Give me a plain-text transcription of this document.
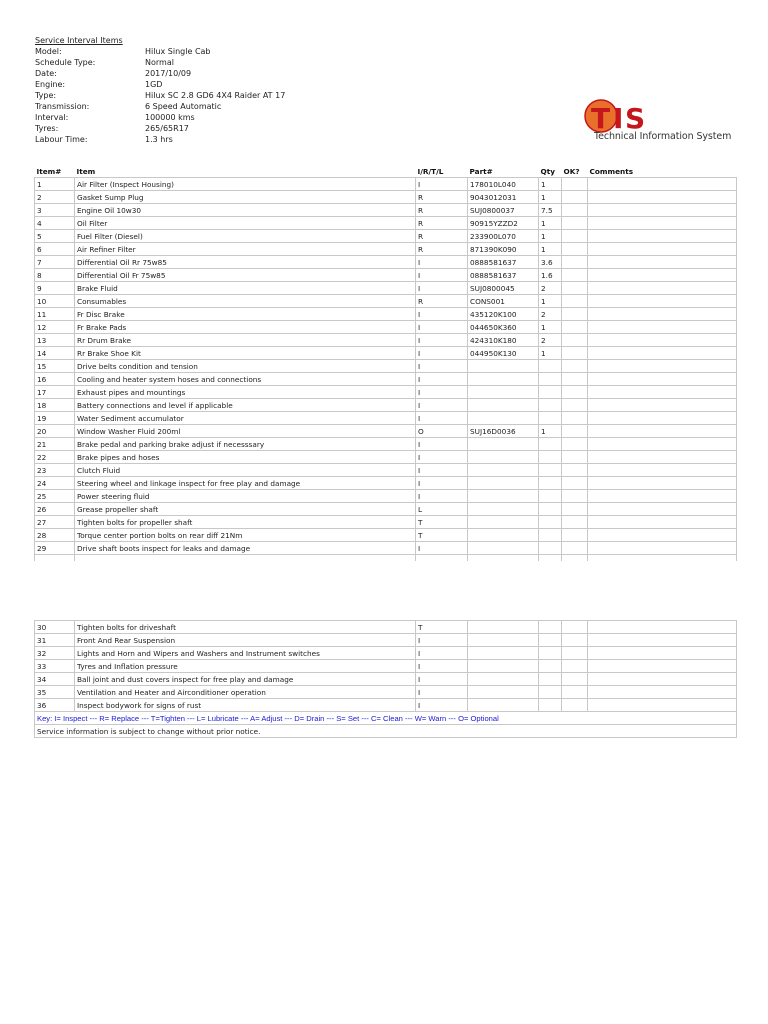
Service Interval Items
Model:	Hilux Single Cab
Schedule Type:	Normal
Date:	2017/10/09
Engine:	1GD
Type:	Hilux SC 2.8 GD6 4X4 Raider AT 17
Transmission:	6 Speed Automatic
Interval:	100000 kms
Tyres:	265/65R17
Labour Time:	1.3 hrs
T I S
Technical Information System
Item#	Item	I/R/T/L	Part#	Qty	OK?	Comments
1	Air Filter (Inspect Housing)	I	178010L040	1		
2	Gasket Sump Plug	R	9043012031	1		
3	Engine Oil 10w30	R	SUJ0800037	7.5		
4	Oil Filter	R	90915YZZD2	1		
5	Fuel Filter (Diesel)	R	233900L070	1		
6	Air Refiner Filter	R	871390K090	1		
7	Differential Oil Rr 75w85	I	0888581637	3.6		
8	Differential Oil Fr 75w85	I	0888581637	1.6		
9	Brake Fluid	I	SUJ0800045	2		
10	Consumables	R	CONS001	1		
11	Fr Disc Brake	I	435120K100	2		
12	Fr Brake Pads	I	044650K360	1		
13	Rr Drum Brake	I	424310K180	2		
14	Rr Brake Shoe Kit	I	044950K130	1		
15	Drive belts condition and tension	I				
16	Cooling and heater system hoses and connections	I				
17	Exhaust pipes and mountings	I				
18	Battery connections and level if applicable	I				
19	Water Sediment accumulator	I				
20	Window Washer Fluid 200ml	O	SUJ16D0036	1		
21	Brake pedal and parking brake adjust if necesssary	I				
22	Brake pipes and hoses	I				
23	Clutch Fluid	I				
24	Steering wheel and linkage inspect for free play and damage	I				
25	Power steering fluid	I				
26	Grease propeller shaft	L				
27	Tighten bolts for propeller shaft	T				
28	Torque center portion bolts on rear diff 21Nm	T				
29	Drive shaft boots inspect for leaks and damage	I				

30	Tighten bolts for driveshaft	T				
31	Front And Rear Suspension	I				
32	Lights and Horn and Wipers and Washers and Instrument switches	I				
33	Tyres and Inflation pressure	I				
34	Ball joint and dust covers inspect for free play and damage	I				
35	Ventilation and Heater and Airconditioner operation	I				
36	Inspect bodywork for signs of rust	I				
Key: I= Inspect --- R= Replace --- T=Tighten --- L= Lubricate --- A= Adjust --- D= Drain --- S= Set --- C= Clean --- W= Warn --- O= Optional						
Service information is subject to change without prior notice.						
